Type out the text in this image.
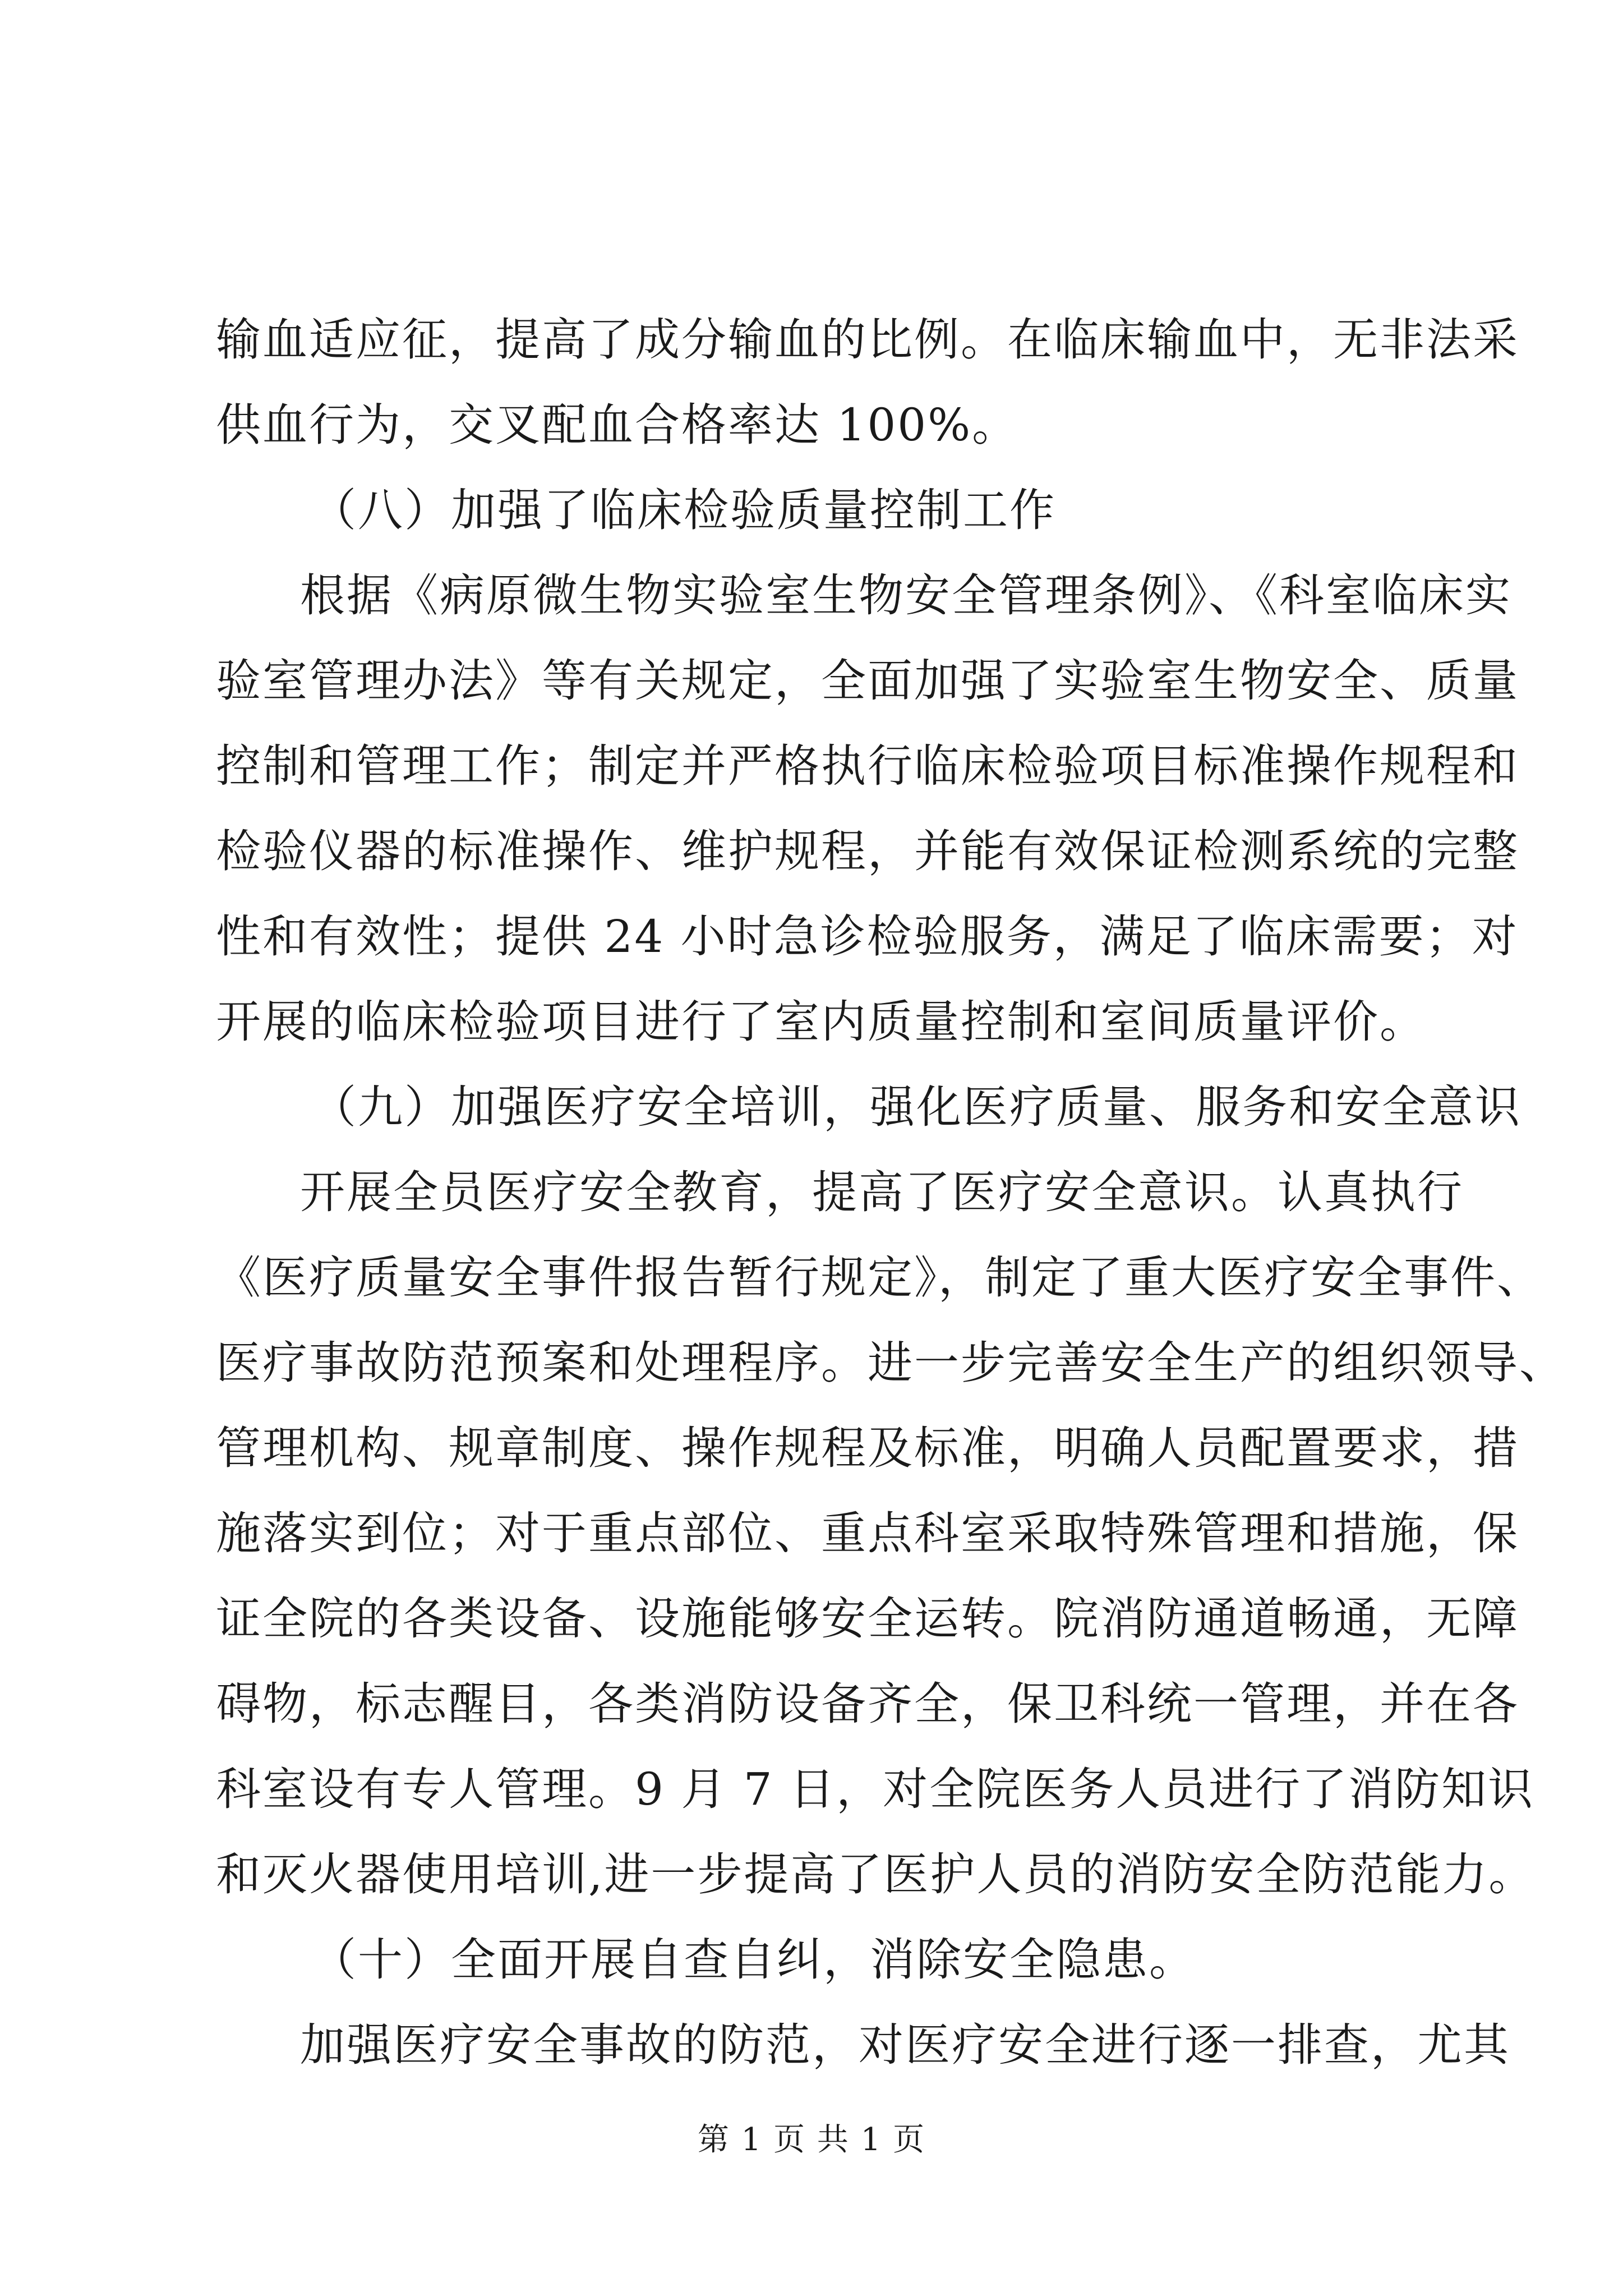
输血适应征，提高了成分输血的比例。在临床输血中，无非法采
供血行为，交叉配血合格率达 100%。
（八）加强了临床检验质量控制工作
根据《病原微生物实验室生物安全管理条例》、《科室临床实
验室管理办法》等有关规定，全面加强了实验室生物安全、质量
控制和管理工作；制定并严格执行临床检验项目标准操作规程和
检验仪器的标准操作、维护规程，并能有效保证检测系统的完整
性和有效性；提供 24 小时急诊检验服务，满足了临床需要；对
开展的临床检验项目进行了室内质量控制和室间质量评价。
（九）加强医疗安全培训，强化医疗质量、服务和安全意识
开展全员医疗安全教育，提高了医疗安全意识。认真执行
《医疗质量安全事件报告暂行规定》，制定了重大医疗安全事件、
医疗事故防范预案和处理程序。进一步完善安全生产的组织领导、
管理机构、规章制度、操作规程及标准，明确人员配置要求，措
施落实到位；对于重点部位、重点科室采取特殊管理和措施，保
证全院的各类设备、设施能够安全运转。院消防通道畅通，无障
碍物，标志醒目，各类消防设备齐全，保卫科统一管理，并在各
科室设有专人管理。9 月 7 日，对全院医务人员进行了消防知识
和灭火器使用培训,进一步提高了医护人员的消防安全防范能力。
（十）全面开展自查自纠，消除安全隐患。
加强医疗安全事故的防范，对医疗安全进行逐一排查，尤其
第 1 页 共 1 页
